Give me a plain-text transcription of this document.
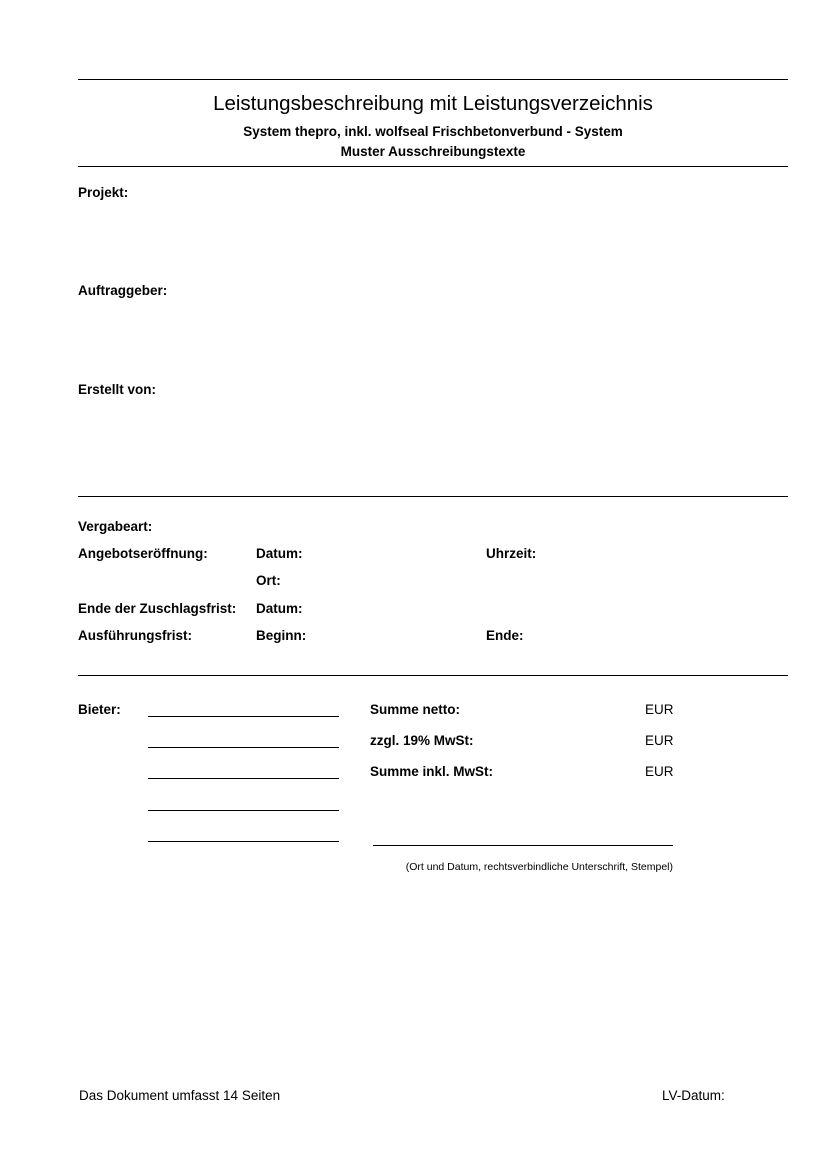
Leistungsbeschreibung mit Leistungsverzeichnis
System thepro, inkl. wolfseal Frischbetonverbund - System
Muster Ausschreibungstexte
Projekt:
Auftraggeber:
Erstellt von:
Vergabeart:
Angebotseröffnung:	Datum:	Uhrzeit:
Ort:
Ende der Zuschlagsfrist: Datum:
Ausführungsfrist:	Beginn:	Ende:
Bieter:	Summe netto:	EUR
zzgl. 19% MwSt:	EUR
Summe inkl. MwSt:	EUR
(Ort und Datum, rechtsverbindliche Unterschrift, Stempel)
Das Dokument umfasst 14 Seiten	LV-Datum:
